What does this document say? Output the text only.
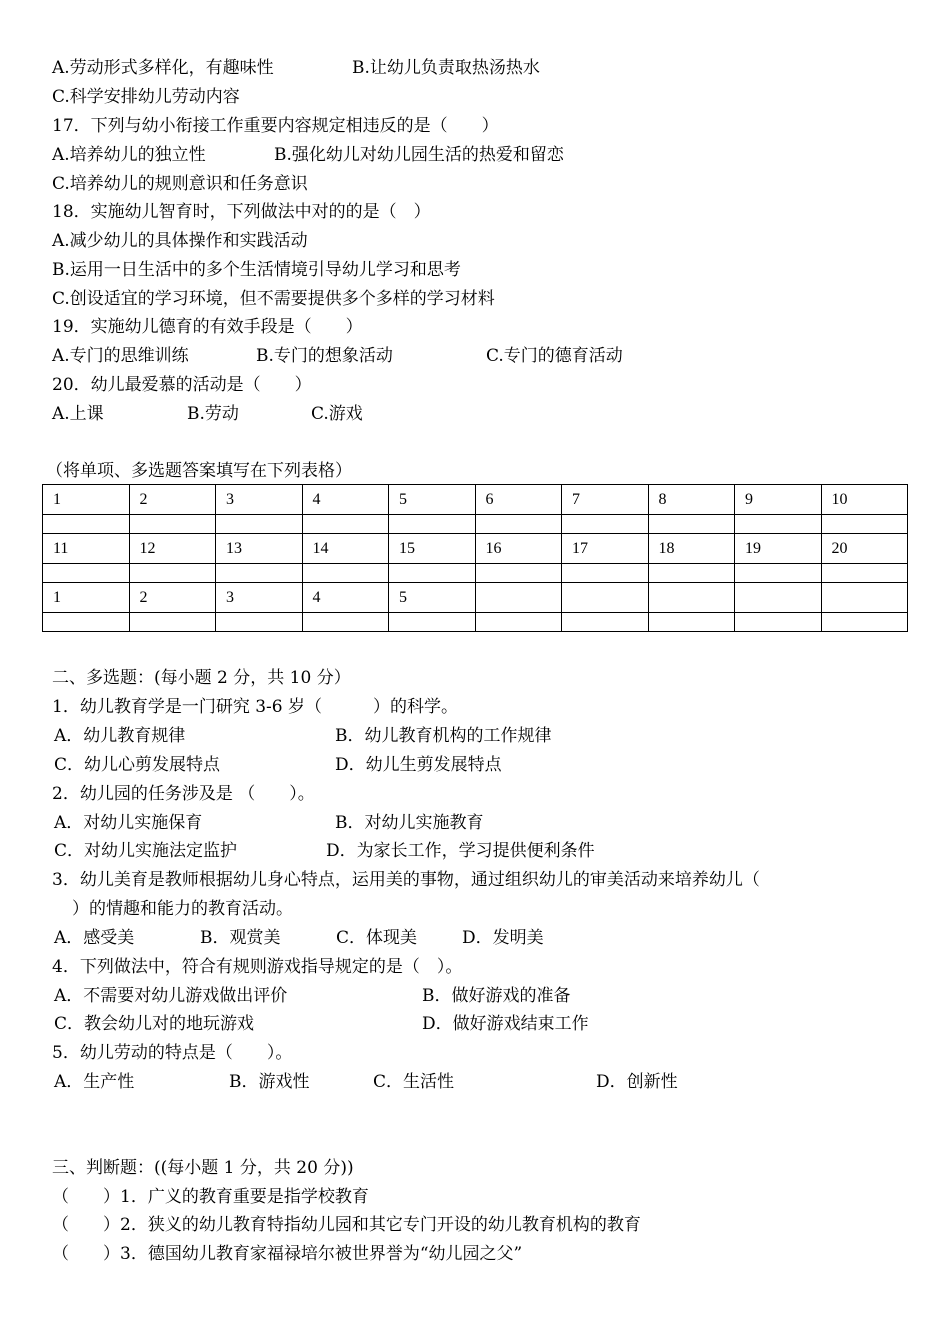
A.劳动形式多样化，有趣味性	B.让幼儿负责取热汤热水
C.科学安排幼儿劳动内容
17．下列与幼小衔接工作重要内容规定相违反的是（　　）
A.培养幼儿的独立性	B.强化幼儿对幼儿园生活的热爱和留恋
C.培养幼儿的规则意识和任务意识
18．实施幼儿智育时，下列做法中对的的是（　）
A.减少幼儿的具体操作和实践活动
B.运用一日生活中的多个生活情境引导幼儿学习和思考
C.创设适宜的学习环境，但不需要提供多个多样的学习材料
19．实施幼儿德育的有效手段是（　　）
A.专门的思维训练	B.专门的想象活动	C.专门的德育活动
20．幼儿最爱慕的活动是（　　）
A.上课	B.劳动	C.游戏
（将单项、多选题答案填写在下列表格）
1	2	3	4	5	6	7	8	9	10

11	12	13	14	15	16	17	18	19	20

1	2	3	4	5					

二、多选题：(每小题 2 分，共 10 分）
1．幼儿教育学是一门研究 3-6 岁（　　　）的科学。
A．幼儿教育规律	B．幼儿教育机构的工作规律
C．幼儿心剪发展特点	D．幼儿生剪发展特点
2．幼儿园的任务涉及是 （　　）。
A．对幼儿实施保育	B．对幼儿实施教育
C．对幼儿实施法定监护	D．为家长工作，学习提供便利条件
3．幼儿美育是教师根据幼儿身心特点，运用美的事物，通过组织幼儿的审美活动来培养幼儿（
）的情趣和能力的教育活动。
A．感受美	B．观赏美	C．体现美	D．发明美
4．下列做法中，符合有规则游戏指导规定的是（　）。
A．不需要对幼儿游戏做出评价	B．做好游戏的准备
C．教会幼儿对的地玩游戏	D．做好游戏结束工作
5．幼儿劳动的特点是（　　）。
A．生产性	B．游戏性	C．生活性	D．创新性
三、判断题：((每小题 1 分，共 20 分))
（　　）1．广义的教育重要是指学校教育
（　　）2．狭义的幼儿教育特指幼儿园和其它专门开设的幼儿教育机构的教育
（　　）3．德国幼儿教育家福禄培尔被世界誉为“幼儿园之父”
